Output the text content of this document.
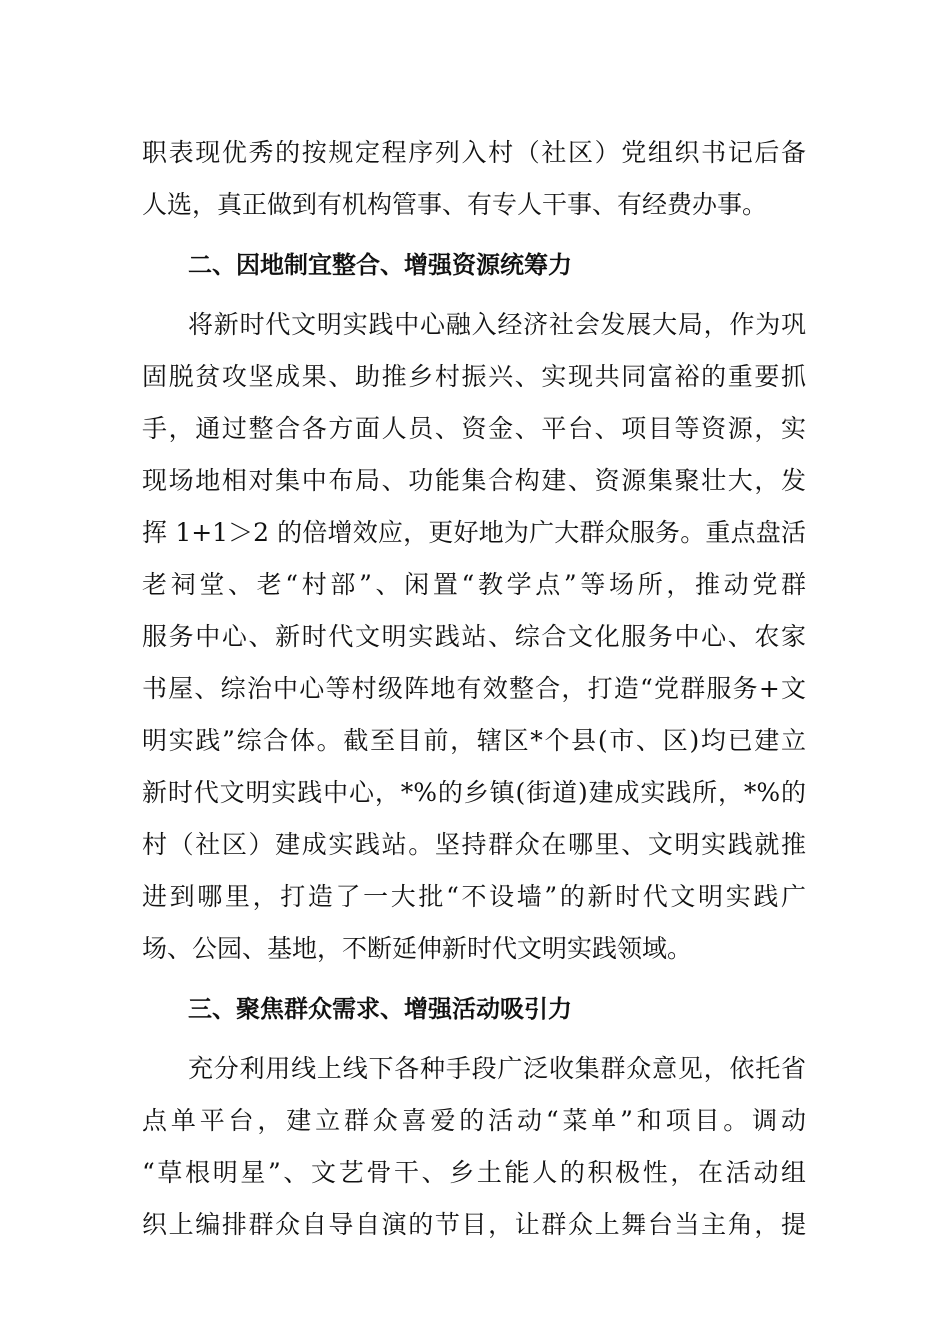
职表现优秀的按规定程序列入村（社区）党组织书记后备
人选，真正做到有机构管事、有专人干事、有经费办事。
二、因地制宜整合、增强资源统筹力
将新时代文明实践中心融入经济社会发展大局，作为巩
固脱贫攻坚成果、助推乡村振兴、实现共同富裕的重要抓
手，通过整合各方面人员、资金、平台、项目等资源，实
现场地相对集中布局、功能集合构建、资源集聚壮大，发
挥 1+1＞2 的倍增效应，更好地为广大群众服务。重点盘活
老祠堂、老“村部”、闲置“教学点”等场所，推动党群
服务中心、新时代文明实践站、综合文化服务中心、农家
书屋、综治中心等村级阵地有效整合，打造“党群服务+文
明实践”综合体。截至目前，辖区*个县(市、区)均已建立
新时代文明实践中心，*%的乡镇(街道)建成实践所，*%的
村（社区）建成实践站。坚持群众在哪里、文明实践就推
进到哪里，打造了一大批“不设墙”的新时代文明实践广
场、公园、基地，不断延伸新时代文明实践领域。
三、聚焦群众需求、增强活动吸引力
充分利用线上线下各种手段广泛收集群众意见，依托省
点单平台，建立群众喜爱的活动“菜单”和项目。调动
“草根明星”、文艺骨干、乡土能人的积极性，在活动组
织上编排群众自导自演的节目，让群众上舞台当主角，提
